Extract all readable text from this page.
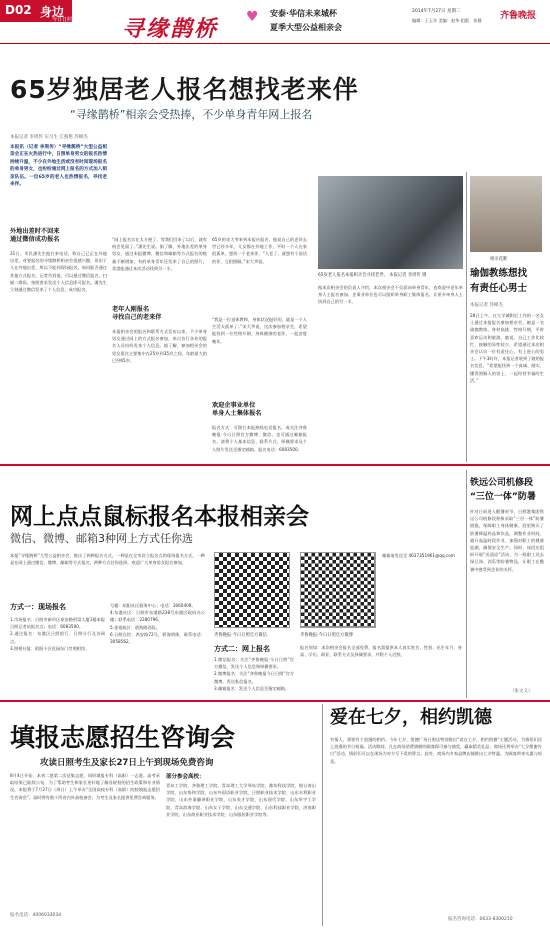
D02 身边
今日日照 寻缘鹊桥 ♥ 安泰·华信未来城杯
夏季大型公益相亲会
2014年7月27日 星期二
编辑：王玉年 美编：赵华 组版：张静 齐鲁晚报
65岁独居老人报名想找老来伴
“寻缘鹊桥”相亲会受热捧，不少单身青年网上报名
本报记者 李周传 实习生 江燕艳 苏峰杰
本报讯（记者 李周传）“寻缘鹊桥”大型公益相亲会正在火热进行中，日照单身男女的报名热情持续升温，不少在外地生活或没有时间现场报名的单身男女，也纷纷通过网上报名的方式加入相亲队伍。一位65岁的老人也热情报名，寻找老来伴。
外地出差时不回来
通过微信成功报名
31日，市民潘先生他打来电话，称自己已正在外地出差，对要报名的寻缘鹊桥相亲会很感兴趣，但由于人在外地出差，所以不能到现场报名，询问能否通过其他方式报名。记者告诉他，可以通过微信报名，扫描二维码，按照要求发送个人信息即可报名。潘先生立刻通过微信发来了个人信息，成功报名。
“网上报名实在太方便了，等我们回来了以后，就有机会见面了。”潘先生说。据了解，外地出差的单身男女，通过本报微博、微信和邮箱等方式报名的数量不断增加，有的单身青年还发来了自己的照片，希望能通过本次活动找到另一半。
老年人刚报名
寻找自己的老来伴
本报相亲会的报名和联系方式发布以来，不少单身男女通过网上的方式报名参加，来自各行各业的报名人员纷纷发来个人信息。据了解，参加相亲会的男女嘉宾主要集中在25岁到35岁之间，年龄最大的已经65岁。
65岁的宋大爷来到本报社报名，他说自己的老伴去世已经多年，儿女都在外地工作，平时一个人在家很孤单，想找一个老来伴，“人老了，就想有个说话的伴，互相照顾。”宋大爷说。
“我是一位退休教师，身体状况挺好的，就是一个人生活太孤单了。”宋大爷说，这次参加相亲会，希望能找到一位性格开朗、身体健康的老伴，一起安度晚年。
欢迎企事业单位
单身人士集体报名
报名方式：可拨打本报热线电话报名，或关注齐鲁晚报·今日日照官方微博、微信，也可通过邮箱报名，请将个人基本信息、联系方式、择偶要求及个人照片发送至指定邮箱。报名电话：6083500。
65岁老人报名本报相亲会寻找老伴。 本报记者 李周传 摄
据本次相亲会的负责人介绍，本次相亲会不仅面向单身青年，也欢迎中老年单身人士报名参加。企事业单位也可以组织单身职工集体报名，让更多单身人士找到自己的另一半。
相亲花絮
瑜伽教练想找
有责任心男士
本报记者 苏峰杰
28日上午，在大学城附近工作的一名女士通过本报报名参加相亲会。她是一名瑜伽教练，身材高挑、性格开朗，平时喜欢运动和旅游。她说，自己工作比较忙，接触的异性较少，希望通过本次相亲会认识一位有责任心、有上进心的男士。下午3时许，本报记者收到了她的报名信息，“希望能找到一个真诚、踏实、懂得照顾人的男士，一起经营幸福的生活。”
网上点点鼠标报名本报相亲会
微信、微博、邮箱3种网上方式任你选
本报“寻缘鹊桥”大型公益相亲会，推出了两种报名方式，一种是在全市设立报名点的现场报名方式，一种是在网上通过微信、微博、邮箱等方式报名。两种方式任你选择，欢迎广大单身男女报名参加。
方式一：现场报名
1.市场报名：日照市新市区泰安路财富大厦1楼本报日照记者站报名点；电话：6083500。
2.通过报名：东港区日照银行、日照分行及各网点。
3.照相社报：昭阳小区花园东门旁照相馆。
号楼：昭阳社区服务中心；电话：3060409。
4.东港社区：日照市东港路238号东港区政府办公楼；联系电话：2280796。
5.金祖航区：碧海路西段。
6.日照宾馆：鸿安路72号，碧海明珠，联系电话：3058562。
齐鲁晚报·今日日照官方微信	齐鲁晚报·今日日照官方微博
方式二：网上报名
1.微信报名：关注“齐鲁晚报·今日日照”官方微信，发送个人信息和择偶要求。
2.微博报名：关注“齐鲁晚报今日日照”官方微博，发送私信报名。
3.邮箱报名：发送个人信息至指定邮箱。
邮箱请发送至 4637351961@qq.com
报名须知：本次相亲会报名全部免费，报名需提供本人真实姓名、性别、出生年月、身高、学历、职业、联系方式及择偶要求，并附个人近照。
铁远公司机修段
“三位一体”防暑
针对日前进入酷暑时节，日照港集团铁远公司机修段积极采取“三位一体”防暑措施，保障职工身体健康。段里购买了防暑降温药品和饮品，调整作业时间，避开高温时段作业，加强对职工的健康监测，确保安全生产。同时，该段还组织开展“送清凉”活动，为一线职工送去绿豆汤、西瓜等防暑物品，让职工在酷暑中感受到企业的关怀。
（张文义）
填报志愿招生咨询会
攻读日照考生及家长27日上午到现场免费咨询
8月4日开始，本省二批第二次征集志愿，同时填报专科（高职）一志愿。高考录取结果已陆续公布，为了帮助考生和家长更好地了解各院校的招生政策和专业情况，本报将于7月27日（周日）上午举办“全国高校专科（高职）院校填报志愿招生咨询会”。届时将有数十所省内外高校参会，为考生及家长提供免费咨询服务。
报名电话：4006033034
部分参会高校：
青岛工学院、齐鲁理工学院、青岛理工大学琴岛学院、潍坊科技学院、烟台南山学院、山东协和学院、山东外国语职业学院、日照职业技术学院、山东水利职业学院、山东外事翻译职业学院、山东英才学院、山东现代学院、山东华宇工学院、青岛滨海学院、山东女子学院、山东交通学院、山东科技职业学院、济南职业学院、山东商业职业技术学院、山东服装职业学院等。
爱在七夕，相约凯德
有情人，需要有个浪漫的相约。今年七夕，凯德广场日照店特别推出“爱在七夕，相约凯德”主题活动，为情侣们送上浪漫的节日祝福。活动期间，凡在商场消费满额的顾客即可参与抽奖，赢取精美礼品。商场还将举办“七夕甜蜜告白”活动，情侣们可以在现场为对方写下爱的誓言。此外，商场内多家品牌店铺推出七夕特惠，为顾客带来实惠与惊喜。
报名咨询电话：0633-8300210
